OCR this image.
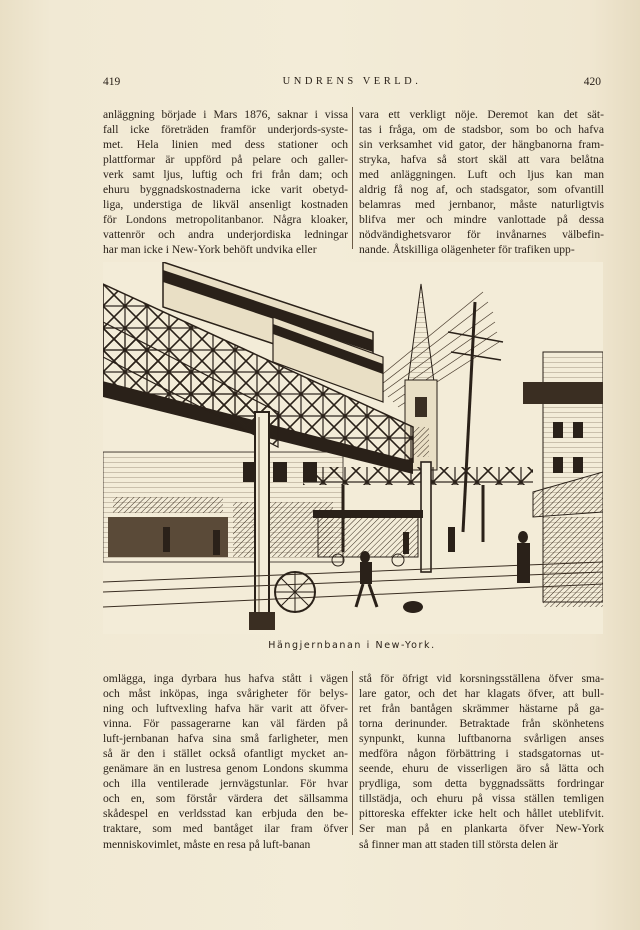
419	UNDRENS VERLD.	420
anläggning började i Mars 1876, saknar i vissa
fall icke företräden framför underjords-syste-
met. Hela linien med dess stationer och
plattformar är uppförd på pelare och galler-
verk samt ljus, luftig och fri från dam; och
ehuru byggnadskostnaderna icke varit obetyd-
liga, understiga de likväl ansenligt kostnaden
för Londons metropolitanbanor. Några kloaker,
vattenrör och andra underjordiska ledningar
har man icke i New-York behöft undvika eller
vara ett verkligt nöje. Deremot kan det sät-
tas i fråga, om de stadsbor, som bo och hafva
sin verksamhet vid gator, der hängbanorna fram-
stryka, hafva så stort skäl att vara belåtna
med anläggningen. Luft och ljus kan man
aldrig få nog af, och stadsgator, som ofvantill
belamras med jernbanor, måste naturligtvis
blifva mer och mindre vanlottade på dessa
nödvändighetsvaror för invånarnes välbefin-
nande. Åtskilliga olägenheter för trafiken upp-
Hängjernbanan i New-York.
omlägga, inga dyrbara hus hafva stått i vägen
och måst inköpas, inga svårigheter för belys-
ning och luftvexling hafva här varit att öfver-
vinna. För passagerarne kan väl färden på
luft-jernbanan hafva sina små farligheter, men
så är den i stället också ofantligt mycket an-
genämare än en lustresa genom Londons skumma
och illa ventilerade jernvägstunlar. För hvar
och en, som förstår värdera det sällsamma
skådespel en verldsstad kan erbjuda den be-
traktare, som med bantåget ilar fram öfver
menniskovimlet, måste en resa på luft-banan
stå för öfrigt vid korsningsställena öfver sma-
lare gator, och det har klagats öfver, att bull-
ret från bantågen skrämmer hästarne på ga-
torna derinunder. Betraktade från skönhetens
synpunkt, kunna luftbanorna svårligen anses
medföra någon förbättring i stadsgatornas ut-
seende, ehuru de visserligen äro så lätta och
prydliga, som detta byggnadssätts fordringar
tillstädja, och ehuru på vissa ställen temligen
pittoreska effekter icke helt och hållet uteblifvit.
Ser man på en plankarta öfver New-York
så finner man att staden till största delen är
